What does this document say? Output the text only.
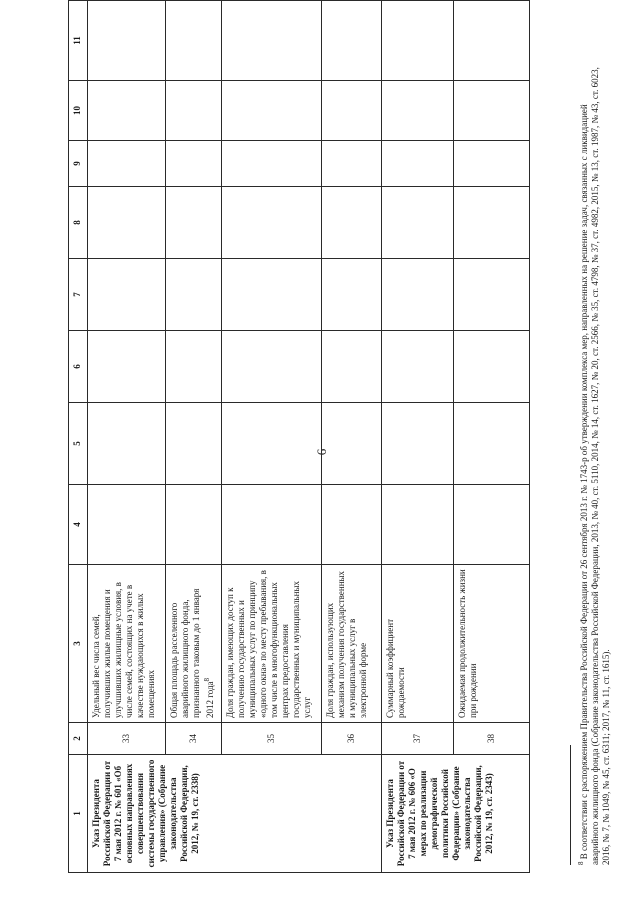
6
1	2	3	4	5	6	7	8	9	10	11
Указ Президента Российской Федерации от 7 мая 2012 г. № 601 «Об основных направлениях совершенствования системы государственного управления» (Собрание законодательства Российской Федерации, 2012, № 19, ст. 2338)	33	Удельный вес числа семей, получивших жилые помещения и улучшивших жилищные условия, в числе семей, состоящих на учете в качестве нуждающихся в жилых помещениях								
	34	Общая площадь расселенного аварийного жилищного фонда, признанного таковым до 1 января 2012 года$^8$								
	35	Доля граждан, имеющих доступ к получению государственных и муниципальных услуг по принципу «одного окна» по месту пребывания, в том числе в многофункциональных центрах предоставления государственных и муниципальных услуг								
	36	Доля граждан, использующих механизм получения государственных и муниципальных услуг в электронной форме								
Указ Президента Российской Федерации от 7 мая 2012 г. № 606 «О мерах по реализации демографической политики Российской Федерации» (Собрание законодательства Российской Федерации, 2012, № 19, ст. 2343)	37	Суммарный коэффициент рождаемости								
	38	Ожидаемая продолжительность жизни при рождении								
$^8$ В соответствии с распоряжением Правительства Российской Федерации от 26 сентября 2013 г. № 1743-р об утверждении комплекса мер, направленных на решение задач, связанных с ликвидацией аварийного жилищного фонда (Собрание законодательства Российской Федерации, 2013, № 40, ст. 5110, 2014, № 14, ст. 1627, № 20, ст. 2566, № 35, ст. 4798, № 37, ст. 4982, 2015, № 13, ст. 1987, № 43, ст. 6023, 2016, № 7, № 1049, № 45, ст. 6311; 2017, № 11, ст. 1615).
